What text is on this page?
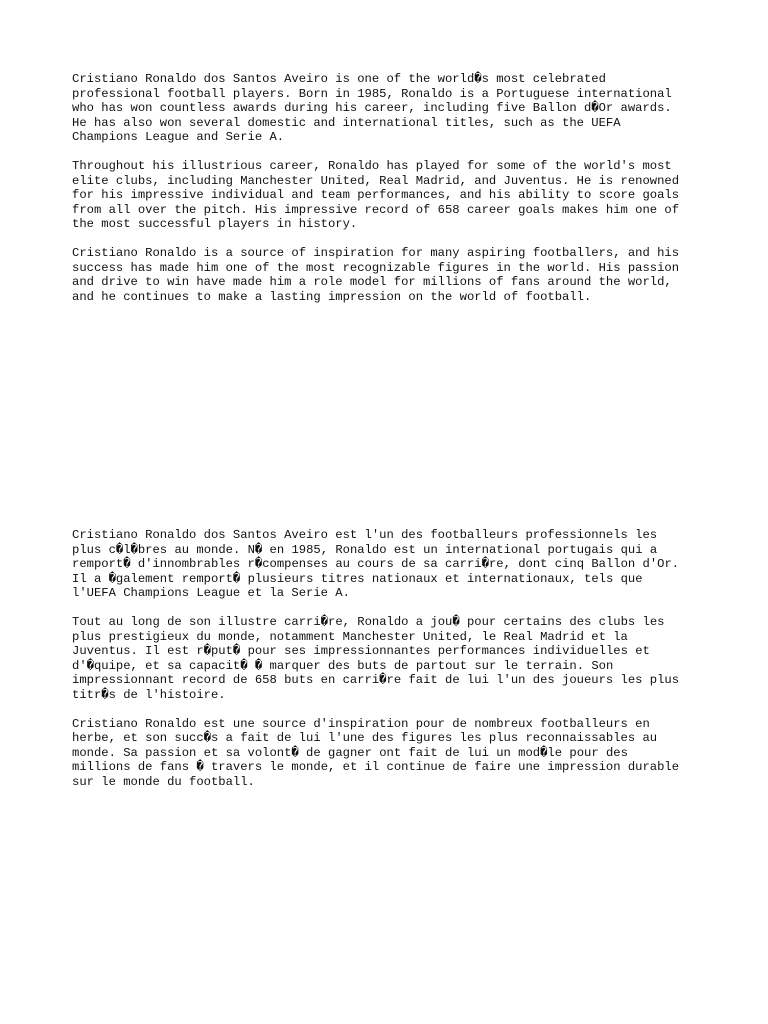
Cristiano Ronaldo dos Santos Aveiro is one of the world�s most celebrated
professional football players. Born in 1985, Ronaldo is a Portuguese international
who has won countless awards during his career, including five Ballon d�Or awards.
He has also won several domestic and international titles, such as the UEFA
Champions League and Serie A.

Throughout his illustrious career, Ronaldo has played for some of the world's most
elite clubs, including Manchester United, Real Madrid, and Juventus. He is renowned
for his impressive individual and team performances, and his ability to score goals
from all over the pitch. His impressive record of 658 career goals makes him one of
the most successful players in history.

Cristiano Ronaldo is a source of inspiration for many aspiring footballers, and his
success has made him one of the most recognizable figures in the world. His passion
and drive to win have made him a role model for millions of fans around the world,
and he continues to make a lasting impression on the world of football.

Cristiano Ronaldo dos Santos Aveiro est l'un des footballeurs professionnels les
plus c�l�bres au monde. N� en 1985, Ronaldo est un international portugais qui a
remport� d'innombrables r�compenses au cours de sa carri�re, dont cinq Ballon d'Or.
Il a �galement remport� plusieurs titres nationaux et internationaux, tels que
l'UEFA Champions League et la Serie A.

Tout au long de son illustre carri�re, Ronaldo a jou� pour certains des clubs les
plus prestigieux du monde, notamment Manchester United, le Real Madrid et la
Juventus. Il est r�put� pour ses impressionnantes performances individuelles et
d'�quipe, et sa capacit� � marquer des buts de partout sur le terrain. Son
impressionnant record de 658 buts en carri�re fait de lui l'un des joueurs les plus
titr�s de l'histoire.

Cristiano Ronaldo est une source d'inspiration pour de nombreux footballeurs en
herbe, et son succ�s a fait de lui l'une des figures les plus reconnaissables au
monde. Sa passion et sa volont� de gagner ont fait de lui un mod�le pour des
millions de fans � travers le monde, et il continue de faire une impression durable
sur le monde du football.
